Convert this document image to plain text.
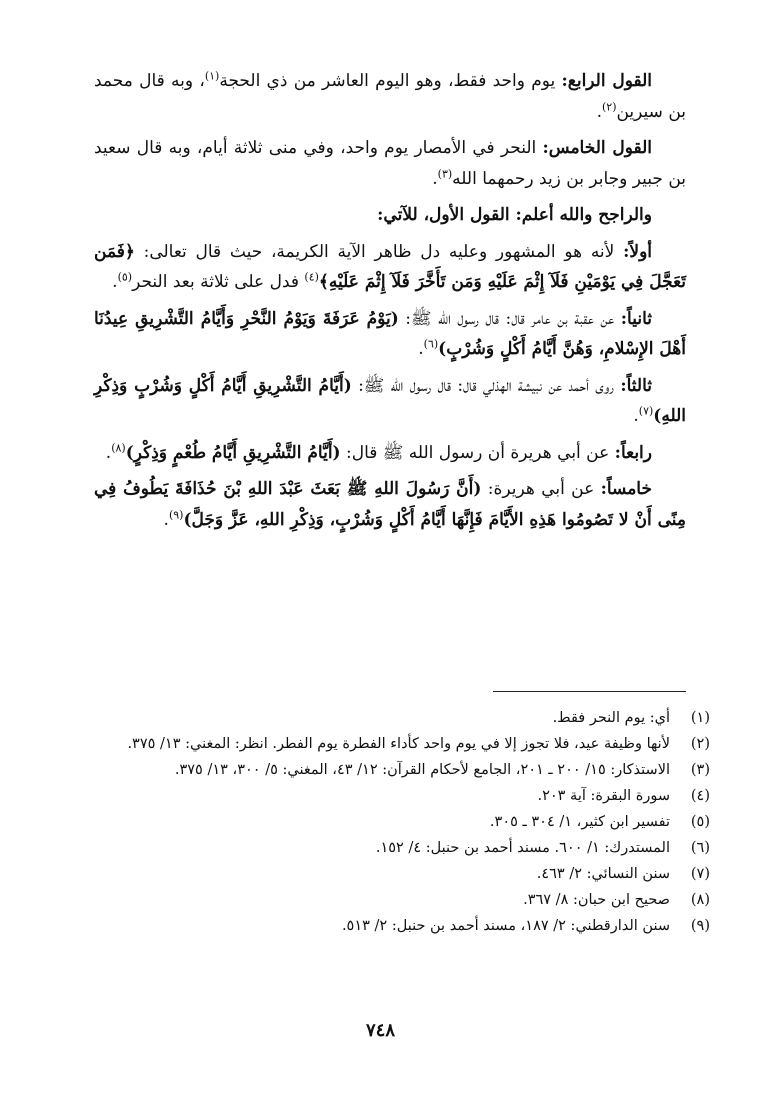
القول الرابع: يوم واحد فقط، وهو اليوم العاشر من ذي الحجة$^{(١)}$، وبه قال محمد بن سيرين$^{(٢)}$.

القول الخامس: النحر في الأمصار يوم واحد، وفي منى ثلاثة أيام، وبه قال سعيد بن جبير وجابر بن زيد رحمهما الله$^{(٣)}$.

والراجح والله أعلم: القول الأول، للآتي:

أولاً: لأنه هو المشهور وعليه دل ظاهر الآية الكريمة، حيث قال تعالى: ﴿فَمَن تَعَجَّلَ فِي يَوْمَيْنِ فَلَآ إِثْمَ عَلَيْهِ وَمَن تَأَخَّرَ فَلَآ إِثْمَ عَلَيْهِ﴾$^{(٤)}$ فدل على ثلاثة بعد النحر$^{(٥)}$.

ثانياً: عن عقبة بن عامر قال: قال رسول الله ﷺ: (يَوْمُ عَرَفَةَ وَيَوْمُ النَّحْرِ وَأَيَّامُ التَّشْرِيقِ عِيدُنَا أَهْلَ الإِسْلامِ، وَهُنَّ أَيَّامُ أَكْلٍ وَشُرْبٍ)$^{(٦)}$.

ثالثاً: روى أحمد عن نبيشة الهذلي قال: قال رسول الله ﷺ: (أَيَّامُ التَّشْرِيقِ أَيَّامُ أَكْلٍ وَشُرْبٍ وَذِكْرِ اللهِ)$^{(٧)}$.

رابعاً: عن أبي هريرة أن رسول الله ﷺ قال: (أَيَّامُ التَّشْرِيقِ أَيَّامُ طُعْمٍ وَذِكْرٍ)$^{(٨)}$.

خامساً: عن أبي هريرة: (أَنَّ رَسُولَ اللهِ ﷺ بَعَثَ عَبْدَ اللهِ بْنَ حُذَافَةَ يَطُوفُ فِي مِنًى أَنْ لا تَصُومُوا هَذِهِ الأَيَّامَ فَإِنَّهَا أَيَّامُ أَكْلٍ وَشُرْبٍ، وَذِكْرِ اللهِ، عَزَّ وَجَلَّ)$^{(٩)}$.

(١)
أي: يوم النحر فقط.
(٢)
لأنها وظيفة عيد، فلا تجوز إلا في يوم واحد كأداء الفطرة يوم الفطر. انظر: المغني: ١٣/ ٣٧٥.
(٣)
الاستذكار: ١٥/ ٢٠٠ ـ ٢٠١، الجامع لأحكام القرآن: ١٢/ ٤٣، المغني: ٥/ ٣٠٠، ١٣/ ٣٧٥.
(٤)
سورة البقرة: آية ٢٠٣.
(٥)
تفسير ابن كثير، ١/ ٣٠٤ ـ ٣٠٥.
(٦)
المستدرك: ١/ ٦٠٠. مسند أحمد بن حنبل: ٤/ ١٥٢.
(٧)
سنن النسائي: ٢/ ٤٦٣.
(٨)
صحيح ابن حبان: ٨/ ٣٦٧.
(٩)
سنن الدارقطني: ٢/ ١٨٧، مسند أحمد بن حنبل: ٢/ ٥١٣.
٧٤٨
